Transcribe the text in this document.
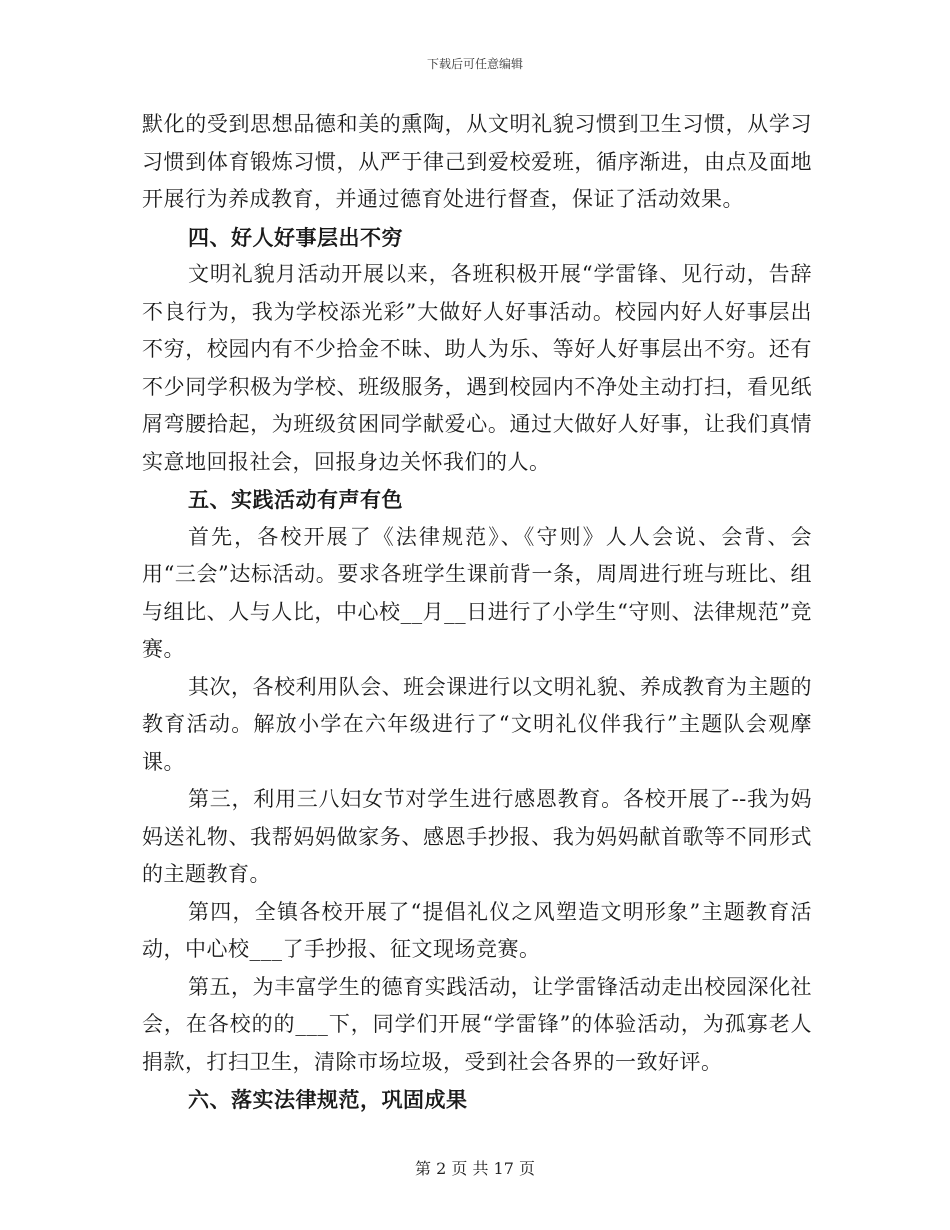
下载后可任意编辑

默化的受到思想品德和美的熏陶，从文明礼貌习惯到卫生习惯，从学习习惯到体育锻炼习惯，从严于律己到爱校爱班，循序渐进，由点及面地开展行为养成教育，并通过德育处进行督查，保证了活动效果。

四、好人好事层出不穷

文明礼貌月活动开展以来，各班积极开展“学雷锋、见行动，告辞不良行为，我为学校添光彩”大做好人好事活动。校园内好人好事层出不穷，校园内有不少拾金不昧、助人为乐、等好人好事层出不穷。还有不少同学积极为学校、班级服务，遇到校园内不净处主动打扫，看见纸屑弯腰拾起，为班级贫困同学献爱心。通过大做好人好事，让我们真情实意地回报社会，回报身边关怀我们的人。

五、实践活动有声有色

首先，各校开展了《法律规范》、《守则》人人会说、会背、会用“三会”达标活动。要求各班学生课前背一条，周周进行班与班比、组与组比、人与人比，中心校__月__日进行了小学生“守则、法律规范”竞赛。

其次，各校利用队会、班会课进行以文明礼貌、养成教育为主题的教育活动。解放小学在六年级进行了“文明礼仪伴我行”主题队会观摩课。

第三，利用三八妇女节对学生进行感恩教育。各校开展了--我为妈妈送礼物、我帮妈妈做家务、感恩手抄报、我为妈妈献首歌等不同形式的主题教育。

第四，全镇各校开展了“提倡礼仪之风塑造文明形象”主题教育活动，中心校___了手抄报、征文现场竞赛。

第五，为丰富学生的德育实践活动，让学雷锋活动走出校园深化社会，在各校的的___下，同学们开展“学雷锋”的体验活动，为孤寡老人捐款，打扫卫生，清除市场垃圾，受到社会各界的一致好评。

六、落实法律规范，巩固成果

第 2 页 共 17 页
